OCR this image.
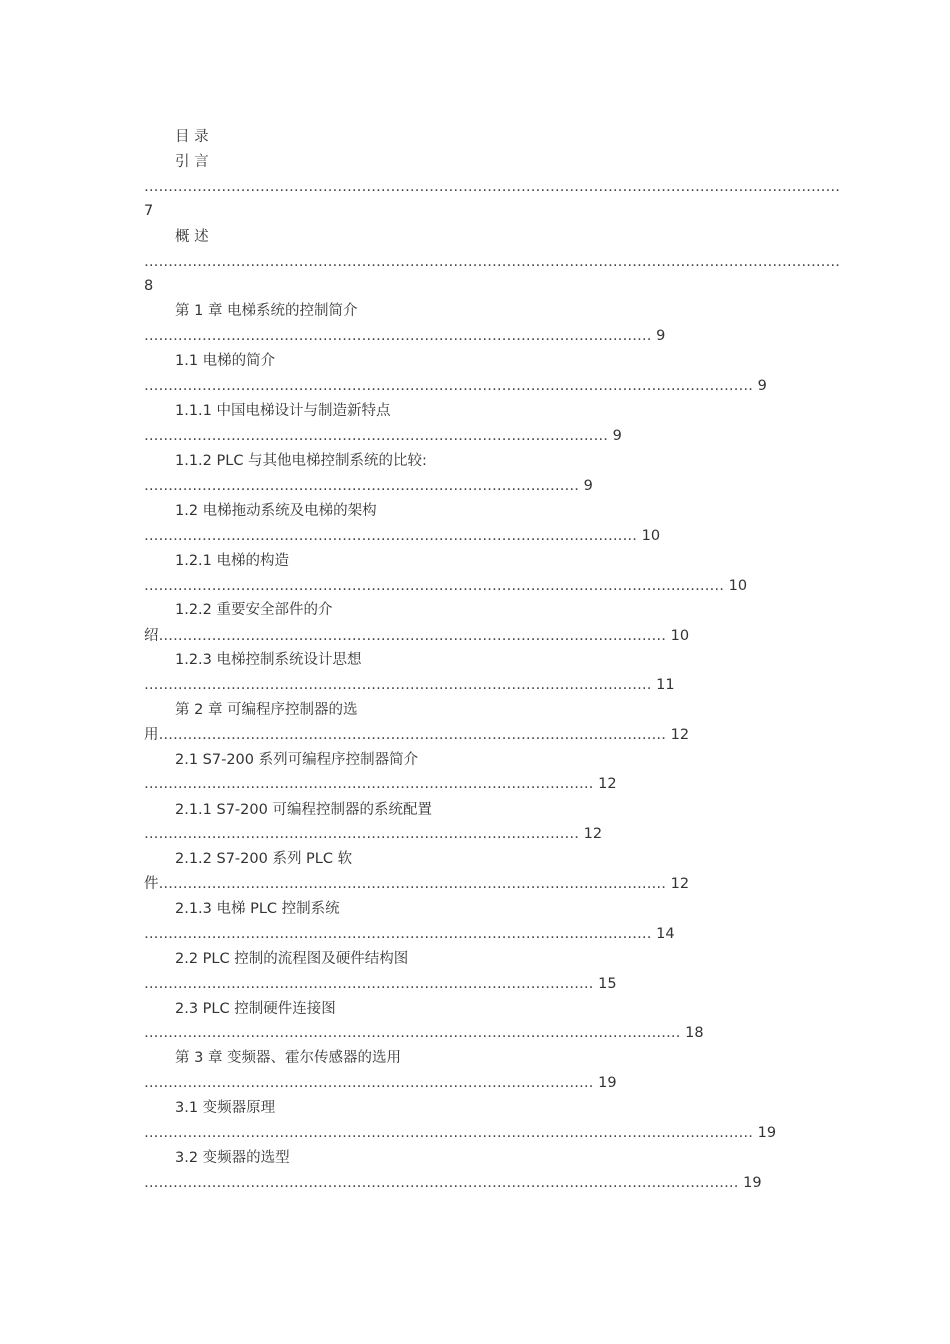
目 录
引 言
………………………………………………………………………………………………………………………………
7
概 述
………………………………………………………………………………………………………………………………
8
第 1 章 电梯系统的控制简介
…………………………………………………………………………………………… 9
1.1 电梯的简介
……………………………………………………………………………………………………………… 9
1.1.1 中国电梯设计与制造新特点
…………………………………………………………………………………… 9
1.1.2 PLC 与其他电梯控制系统的比较:
……………………………………………………………………………… 9
1.2 电梯拖动系统及电梯的架构
………………………………………………………………………………………… 10
1.2.1 电梯的构造
………………………………………………………………………………………………………… 10
1.2.2 重要安全部件的介
绍…………………………………………………………………………………………… 10
1.2.3 电梯控制系统设计思想
…………………………………………………………………………………………… 11
第 2 章 可编程序控制器的选
用…………………………………………………………………………………………… 12
2.1 S7-200 系列可编程序控制器简介
………………………………………………………………………………… 12
2.1.1 S7-200 可编程控制器的系统配置
……………………………………………………………………………… 12
2.1.2 S7-200 系列 PLC 软
件…………………………………………………………………………………………… 12
2.1.3 电梯 PLC 控制系统
…………………………………………………………………………………………… 14
2.2 PLC 控制的流程图及硬件结构图
………………………………………………………………………………… 15
2.3 PLC 控制硬件连接图
………………………………………………………………………………………………… 18
第 3 章 变频器、霍尔传感器的选用
………………………………………………………………………………… 19
3.1 变频器原理
……………………………………………………………………………………………………………… 19
3.2 变频器的选型
…………………………………………………………………………………………………………… 19
